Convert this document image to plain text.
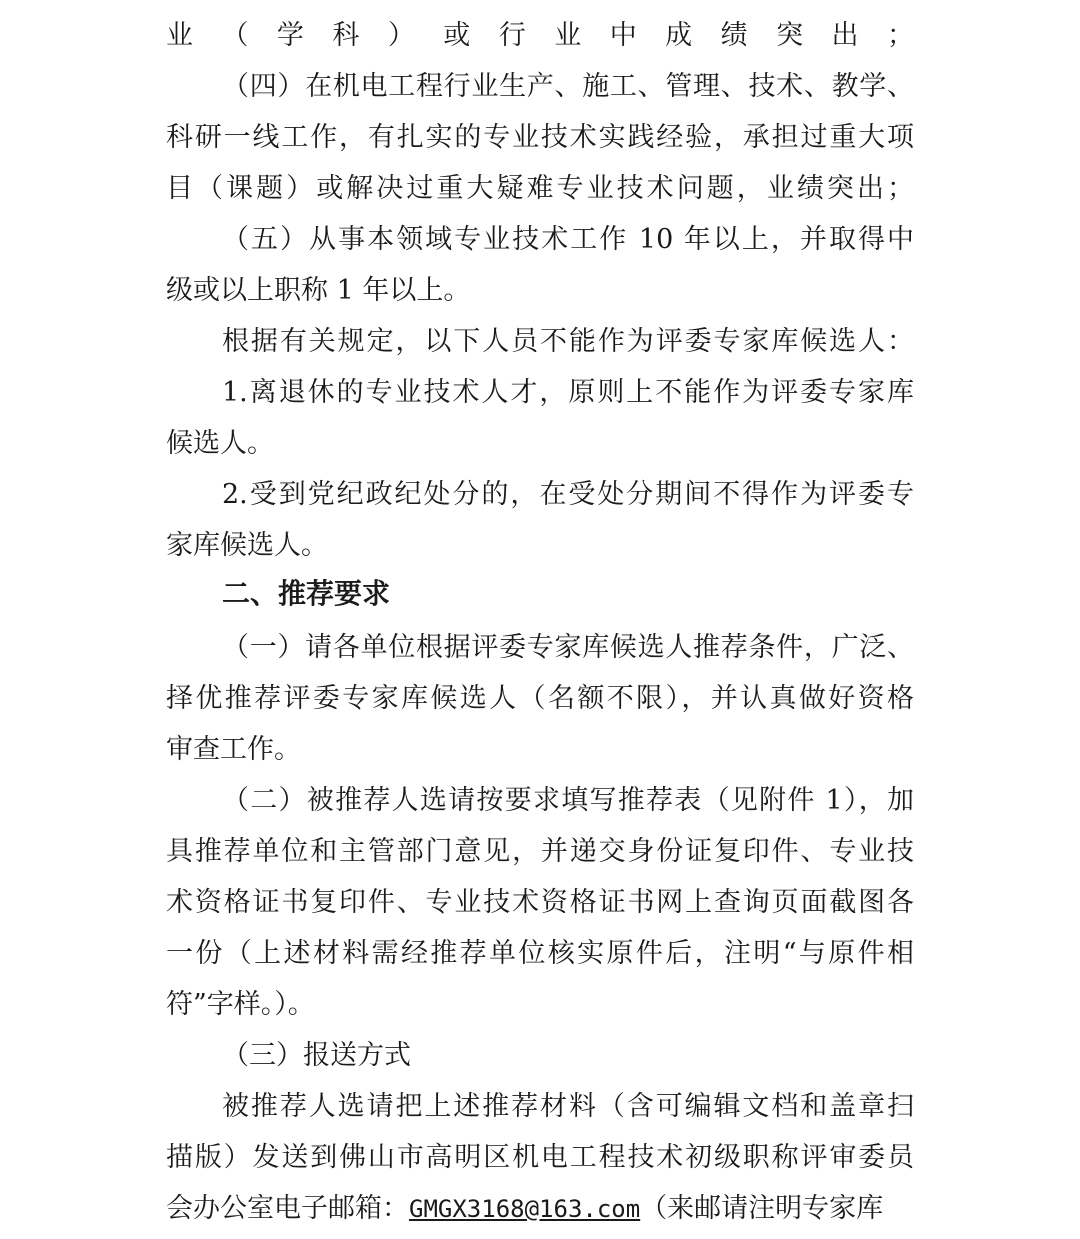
业（学科）或行业中成绩突出；
（四）在机电工程行业生产、施工、管理、技术、教学、
科研一线工作，有扎实的专业技术实践经验，承担过重大项
目（课题）或解决过重大疑难专业技术问题，业绩突出；
（五）从事本领域专业技术工作 10 年以上，并取得中
级或以上职称 1 年以上。
根据有关规定，以下人员不能作为评委专家库候选人：
1.离退休的专业技术人才，原则上不能作为评委专家库
候选人。
2.受到党纪政纪处分的，在受处分期间不得作为评委专
家库候选人。
二、推荐要求
（一）请各单位根据评委专家库候选人推荐条件，广泛、
择优推荐评委专家库候选人（名额不限），并认真做好资格
审查工作。
（二）被推荐人选请按要求填写推荐表（见附件 1），加
具推荐单位和主管部门意见，并递交身份证复印件、专业技
术资格证书复印件、专业技术资格证书网上查询页面截图各
一份（上述材料需经推荐单位核实原件后，注明“与原件相
符”字样。）。
（三）报送方式
被推荐人选请把上述推荐材料（含可编辑文档和盖章扫
描版）发送到佛山市高明区机电工程技术初级职称评审委员
会办公室电子邮箱：GMGX3168@163.com（来邮请注明专家库
